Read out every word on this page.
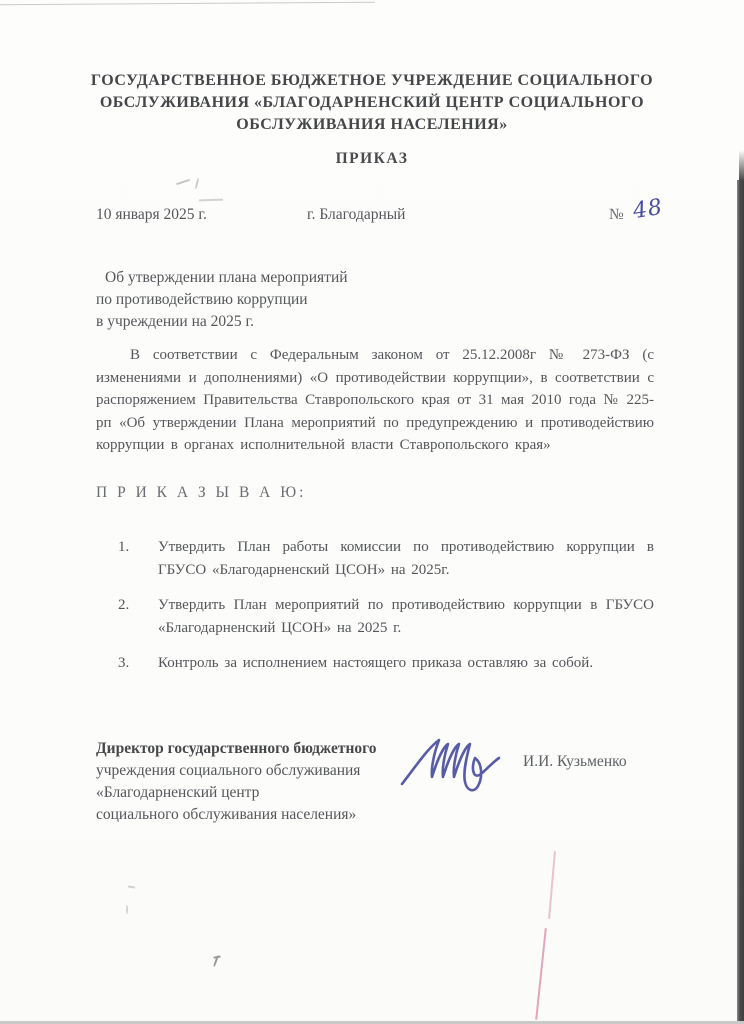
ГОСУДАРСТВЕННОЕ БЮДЖЕТНОЕ УЧРЕЖДЕНИЕ СОЦИАЛЬНОГО
ОБСЛУЖИВАНИЯ «БЛАГОДАРНЕНСКИЙ ЦЕНТР СОЦИАЛЬНОГО
ОБСЛУЖИВАНИЯ НАСЕЛЕНИЯ»
ПРИКАЗ
10 января 2025 г.	г. Благодарный	№ 48
Об утверждении плана мероприятий
по противодействию коррупции
в учреждении на 2025 г.
В соответствии с Федеральным законом от 25.12.2008г № 273-ФЗ (с изменениями и дополнениями) «О противодействии коррупции», в соответствии с распоряжением Правительства Ставропольского края от 31 мая 2010 года № 225-рп «Об утверждении Плана мероприятий по предупреждению и противодействию коррупции в органах исполнительной власти Ставропольского края»
П Р И К А З Ы В А Ю:
1. Утвердить План работы комиссии по противодействию коррупции в ГБУСО «Благодарненский ЦСОН» на 2025г.
2. Утвердить План мероприятий по противодействию коррупции в ГБУСО «Благодарненский ЦСОН» на 2025 г.
3. Контроль за исполнением настоящего приказа оставляю за собой.
Директор государственного бюджетного
учреждения социального обслуживания
«Благодарненский центр
социального обслуживания населения»
И.И. Кузьменко
